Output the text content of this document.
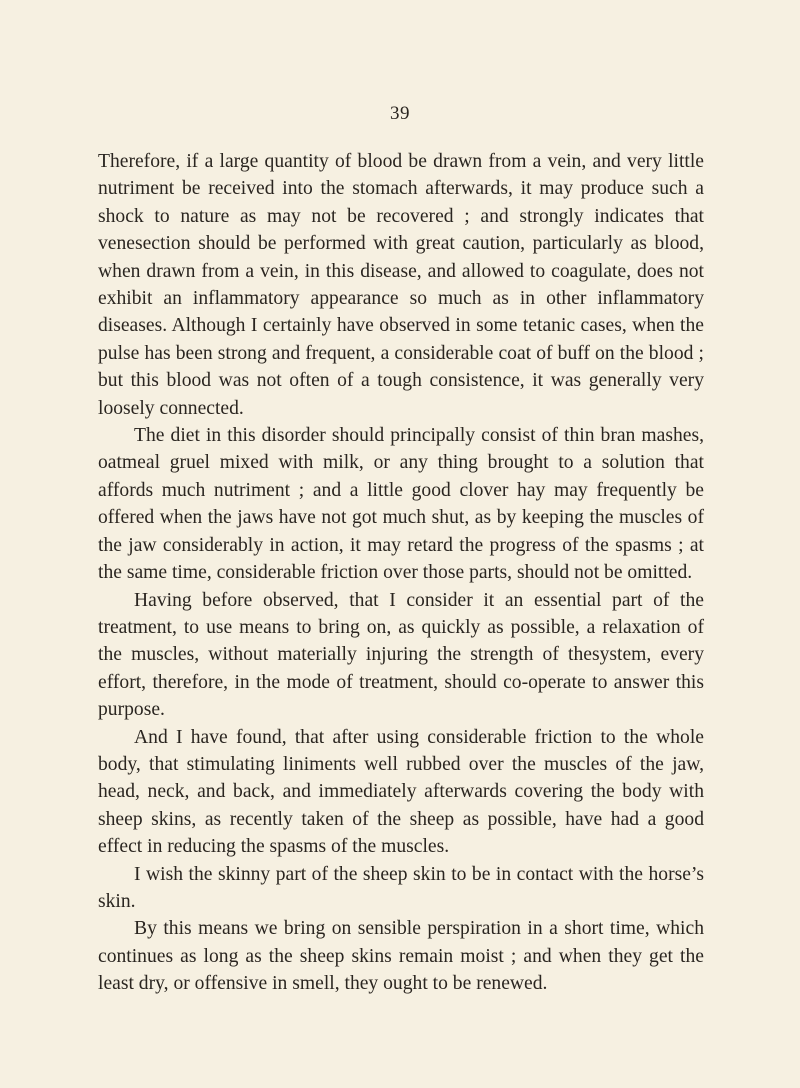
39

Therefore, if a large quantity of blood be drawn from a vein, and very little nutriment be received into the stomach afterwards, it may produce such a shock to nature as may not be recovered ; and strongly indicates that venesection should be performed with great caution, particularly as blood, when drawn from a vein, in this disease, and allowed to coagulate, does not exhibit an inflammatory appearance so much as in other inflammatory diseases. Although I certainly have observed in some tetanic cases, when the pulse has been strong and frequent, a considerable coat of buff on the blood ; but this blood was not often of a tough consistence, it was generally very loosely connected.

The diet in this disorder should principally consist of thin bran mashes, oatmeal gruel mixed with milk, or any thing brought to a solution that affords much nutriment ; and a little good clover hay may frequently be offered when the jaws have not got much shut, as by keeping the muscles of the jaw considerably in action, it may retard the progress of the spasms ; at the same time, considerable friction over those parts, should not be omitted.

Having before observed, that I consider it an essential part of the treatment, to use means to bring on, as quickly as possible, a relaxation of the muscles, without materially injuring the strength of thesystem, every effort, therefore, in the mode of treatment, should co-operate to answer this purpose.

And I have found, that after using considerable friction to the whole body, that stimulating liniments well rubbed over the muscles of the jaw, head, neck, and back, and immediately afterwards covering the body with sheep skins, as recently taken of the sheep as possible, have had a good effect in reducing the spasms of the muscles.

I wish the skinny part of the sheep skin to be in contact with the horse’s skin.

By this means we bring on sensible perspiration in a short time, which continues as long as the sheep skins remain moist ; and when they get the least dry, or offensive in smell, they ought to be renewed.
